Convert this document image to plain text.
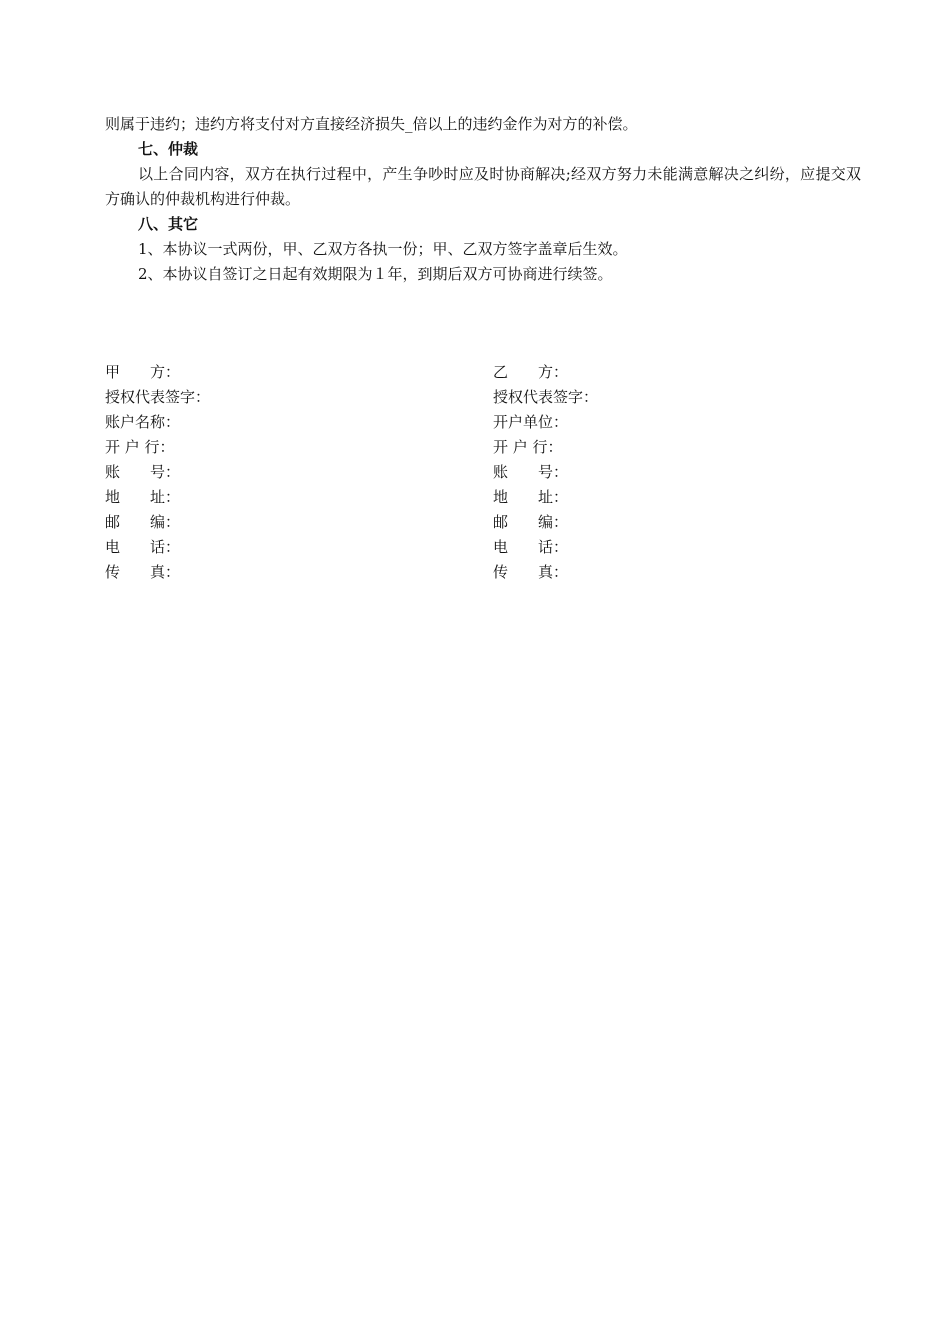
则属于违约；违约方将支付对方直接经济损失_倍以上的违约金作为对方的补偿。
七、仲裁
以上合同内容，双方在执行过程中，产生争吵时应及时协商解决;经双方努力未能满意解决之纠纷，应提交双方确认的仲裁机构进行仲裁。
八、其它
1、本协议一式两份，甲、乙双方各执一份；甲、乙双方签字盖章后生效。
2、本协议自签订之日起有效期限为１年，到期后双方可协商进行续签。
甲　　方：	乙　　方：
授权代表签字：	授权代表签字：
账户名称：	开户单位：
开 户 行：	开 户 行：
账　　号：	账　　号：
地　　址：	地　　址：
邮　　编：	邮　　编：
电　　话：	电　　话：
传　　真：	传　　真：
